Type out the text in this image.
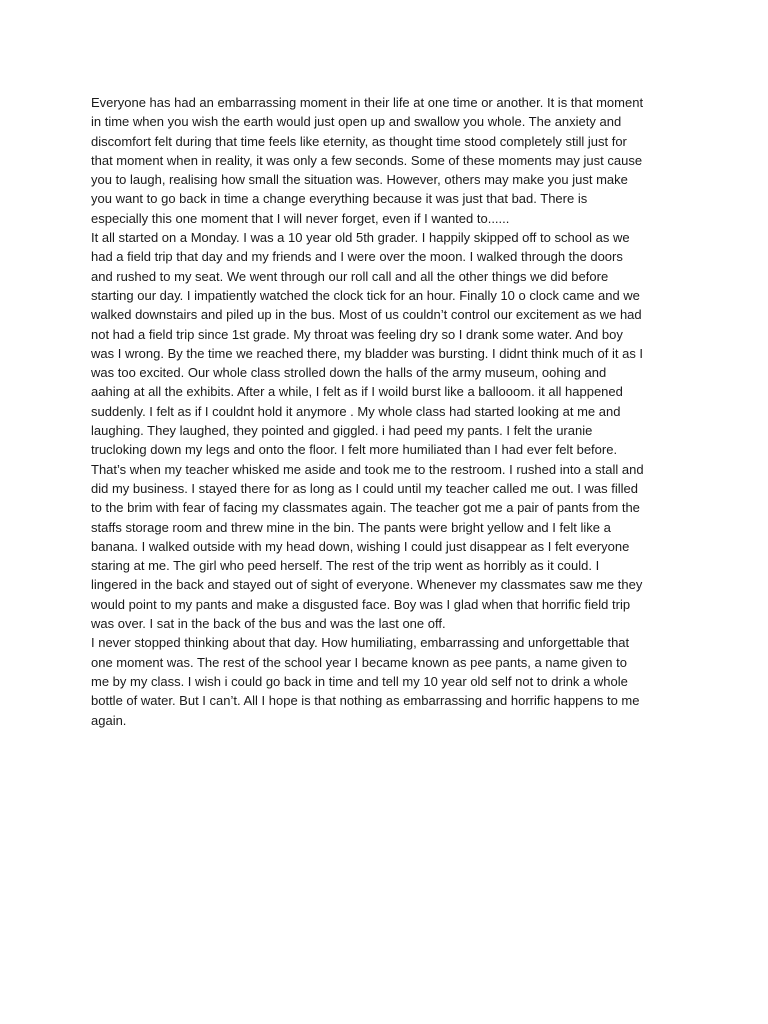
Everyone has had an embarrassing moment in their life at one time or another. It is that moment
in time when you wish the earth would just open up and swallow you whole. The anxiety and
discomfort felt during that time feels like eternity, as thought time stood completely still just for
that moment when in reality, it was only a few seconds. Some of these moments may just cause
you to laugh, realising how small the situation was. However, others may make you just make
you want to go back in time a change everything because it was just that bad. There is
especially this one moment that I will never forget, even if I wanted to......
It all started on a Monday. I was a 10 year old 5th grader. I happily skipped off to school as we
had a field trip that day and my friends and I were over the moon. I walked through the doors
and rushed to my seat. We went through our roll call and all the other things we did before
starting our day. I impatiently watched the clock tick for an hour. Finally 10 o clock came and we
walked downstairs and piled up in the bus. Most of us couldn’t control our excitement as we had
not had a field trip since 1st grade. My throat was feeling dry so I drank some water. And boy
was I wrong. By the time we reached there, my bladder was bursting. I didnt think much of it as I
was too excited. Our whole class strolled down the halls of the army museum, oohing and
aahing at all the exhibits. After a while, I felt as if I woild burst like a ballooom. it all happened
suddenly. I felt as if I couldnt hold it anymore . My whole class had started looking at me and
laughing. They laughed, they pointed and giggled. i had peed my pants. I felt the uranie
trucloking down my legs and onto the floor. I felt more humiliated than I had ever felt before.
That’s when my teacher whisked me aside and took me to the restroom. I rushed into a stall and
did my business. I stayed there for as long as I could until my teacher called me out. I was filled
to the brim with fear of facing my classmates again. The teacher got me a pair of pants from the
staffs storage room and threw mine in the bin. The pants were bright yellow and I felt like a
banana. I walked outside with my head down, wishing I could just disappear as I felt everyone
staring at me. The girl who peed herself. The rest of the trip went as horribly as it could. I
lingered in the back and stayed out of sight of everyone. Whenever my classmates saw me they
would point to my pants and make a disgusted face. Boy was I glad when that horrific field trip
was over. I sat in the back of the bus and was the last one off.
I never stopped thinking about that day. How humiliating, embarrassing and unforgettable that
one moment was. The rest of the school year I became known as pee pants, a name given to
me by my class. I wish i could go back in time and tell my 10 year old self not to drink a whole
bottle of water. But I can’t. All I hope is that nothing as embarrassing and horrific happens to me
again.
